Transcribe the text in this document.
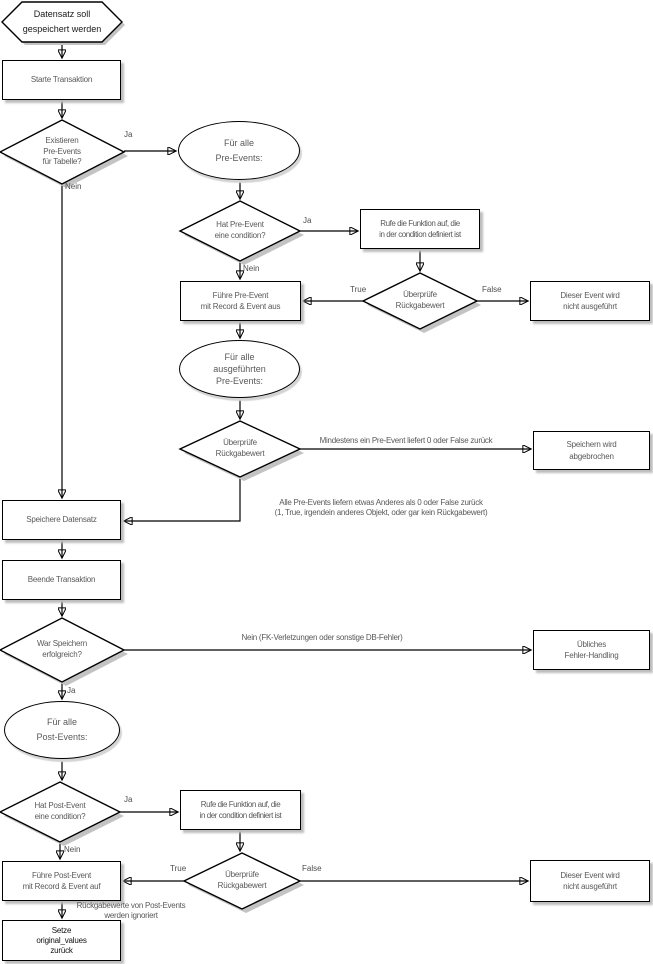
Datensatz soll
gespeichert werden
Starte Transaktion
Existieren
Pre-Events
für Tabelle?
Für alle
Pre-Events:
Hat Pre-Event
eine condition?
Rufe die Funktion auf, die
in der condition definiert ist
Überprüfe
Rückgabewert
Dieser Event wird
nicht ausgeführt
Führe Pre-Event
mit Record & Event aus
Für alle
ausgeführten
Pre-Events:
Überprüfe
Rückgabewert
Speichern wird
abgebrochen
Speichere Datensatz
Beende Transaktion
War Speichern
erfolgreich?
Übliches
Fehler-Handling
Für alle
Post-Events:
Hat Post-Event
eine condition?
Rufe die Funktion auf, die
in der condition definiert ist
Überprüfe
Rückgabewert
Führe Post-Event
mit Record & Event auf
Dieser Event wird
nicht ausgeführt
Setze
original_values
zurück
Ja
Nein
Ja
Nein
True	False
Mindestens ein Pre-Event liefert 0 oder False zurück
Alle Pre-Events liefern etwas Anderes als 0 oder False zurück
(1, True, irgendein anderes Objekt, oder gar kein Rückgabewert)
Nein (FK-Verletzungen oder sonstige DB-Fehler)
Ja
Ja
Nein
True	False
Rückgabewerte von Post-Events
werden ignoriert
